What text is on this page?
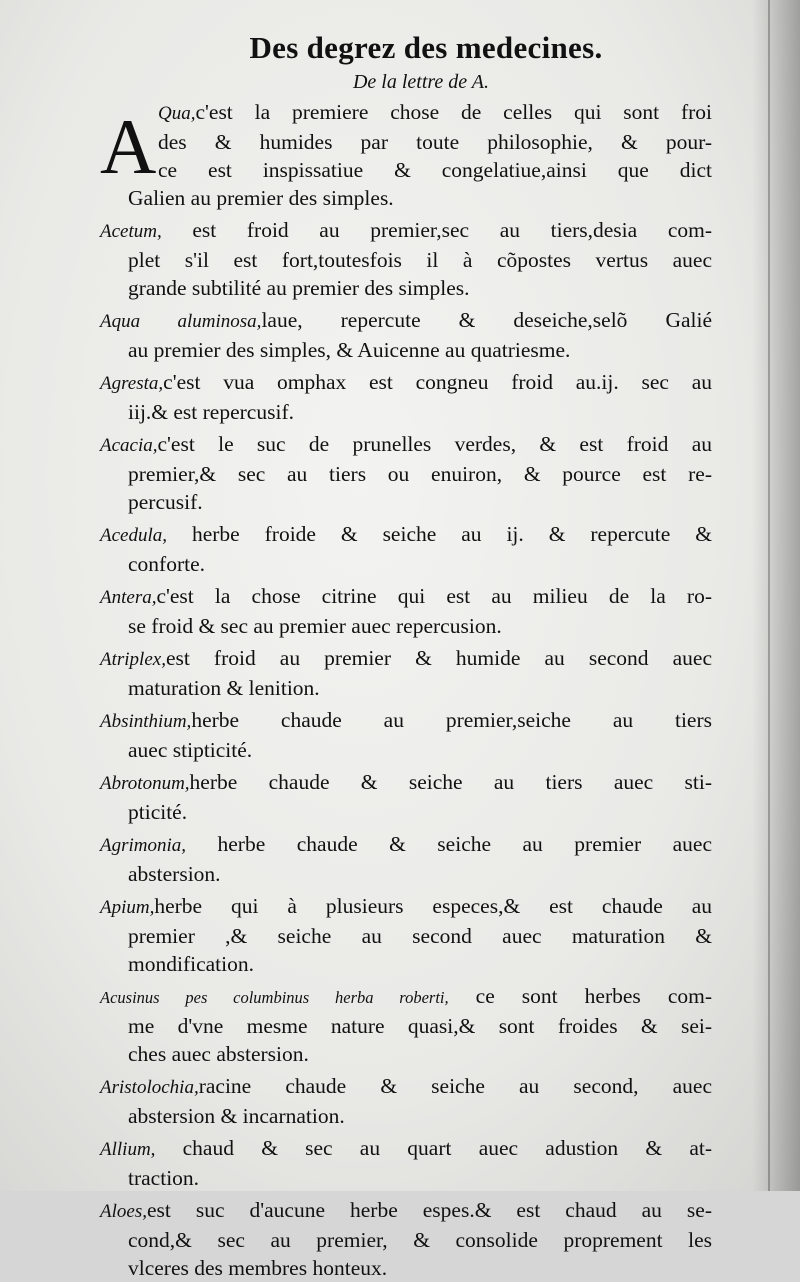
Des degrez des medecines.
De la lettre de A.
A Qua,c'est la premiere chose de celles qui sont froi
des & humides par toute philosophie, & pour-
ce est inspissatiue & congelatiue,ainsi que dict
Galien au premier des simples.
Acetum, est froid au premier,sec au tiers,desia com-
plet s'il est fort,toutesfois il à cõpostes vertus auec
grande subtilité au premier des simples.
Aqua aluminosa,laue, repercute & deseiche,selõ Galié
au premier des simples, & Auicenne au quatriesme.
Agresta,c'est vua omphax est congneu froid au.ij. sec au
iij.& est repercusif.
Acacia,c'est le suc de prunelles verdes, & est froid au
premier,& sec au tiers ou enuiron, & pource est re-
percusif.
Acedula, herbe froide & seiche au ij. & repercute &
conforte.
Antera,c'est la chose citrine qui est au milieu de la ro-
se froid & sec au premier auec repercusion.
Atriplex,est froid au premier & humide au second auec
maturation & lenition.
Absinthium,herbe chaude au premier,seiche au tiers
auec stipticité.
Abrotonum,herbe chaude & seiche au tiers auec sti-
pticité.
Agrimonia, herbe chaude & seiche au premier auec
abstersion.
Apium,herbe qui à plusieurs especes,& est chaude au
premier ,& seiche au second auec maturation &
mondification.
Acusinus pes columbinus herba roberti, ce sont herbes com-
me d'vne mesme nature quasi,& sont froides & sei-
ches auec abstersion.
Aristolochia,racine chaude & seiche au second, auec
abstersion & incarnation.
Allium, chaud & sec au quart auec adustion & at-
traction.
Aloes,est suc d'aucune herbe espes.& est chaud au se-
cond,& sec au premier, & consolide proprement les
vlceres des membres honteux.
